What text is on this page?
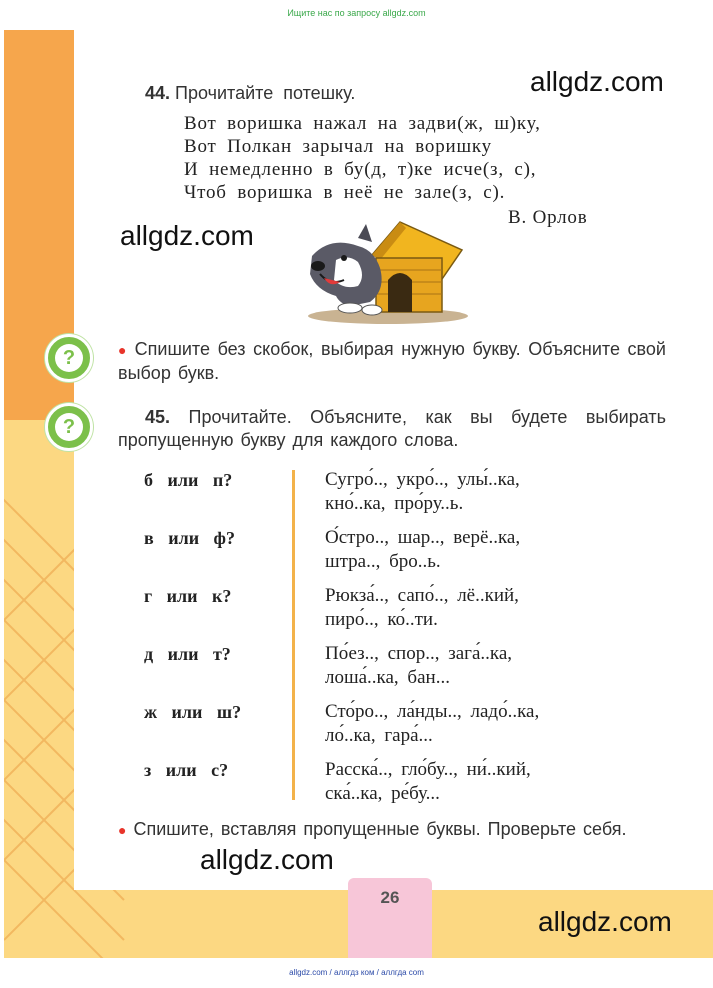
Ищите нас по запросу allgdz.com
26
44. Прочитайте потешку.
Вот воришка нажал на задви(ж, ш)ку,
Вот Полкан зарычал на воришку
И немедленно в бу(д, т)ке исче(з, с),
Чтоб воришка в неё не зале(з, с).
В. Орлов
?	● Спишите без скобок, выбирая нужную букву. Объясните свой выбор букв.
?	45. Прочитайте. Объясните, как вы будете выбирать пропущенную букву для каждого слова.
б или п?	Сугро́.., укро́.., улы́..ка,
кно́..ка, про́ру..ь.
в или ф?	О́стро.., шар.., верё..ка,
штра.., бро..ь.
г или к?	Рюкза́.., сапо́.., лё..кий,
пиро́.., ко́..ти.
д или т?	По́ез.., спор.., зага́..ка,
лоша́..ка, бан...
ж или ш?	Сто́ро.., ла́нды.., ладо́..ка,
ло́..ка, гара́...
з или с?	Расска́.., гло́бу.., ни́..кий,
ска́..ка, ре́бу...
● Спишите, вставляя пропущенные буквы. Проверьте себя.
allgdz.com
allgdz.com
allgdz.com
allgdz.com
allgdz.com / аллгдз ком / аллгда com
